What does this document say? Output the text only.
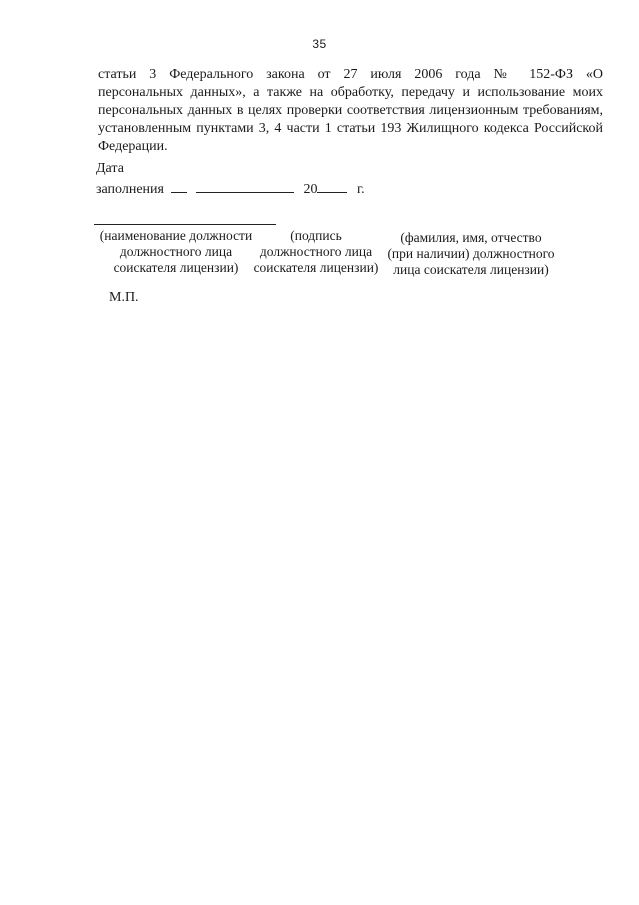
35
статьи 3 Федерального закона от 27 июля 2006 года № 152-ФЗ «О
персональных данных», а также на обработку, передачу и использование моих
персональных данных в целях проверки соответствия лицензионным требованиям,
установленным пунктами 3, 4 части 1 статьи 193 Жилищного кодекса Российской
Федерации.
Дата
заполнения	20	г.
(наименование должности
должностного лица
соискателя лицензии)
(подпись
должностного лица
соискателя лицензии)
(фамилия, имя, отчество
(при наличии) должностного
лица соискателя лицензии)
М.П.
